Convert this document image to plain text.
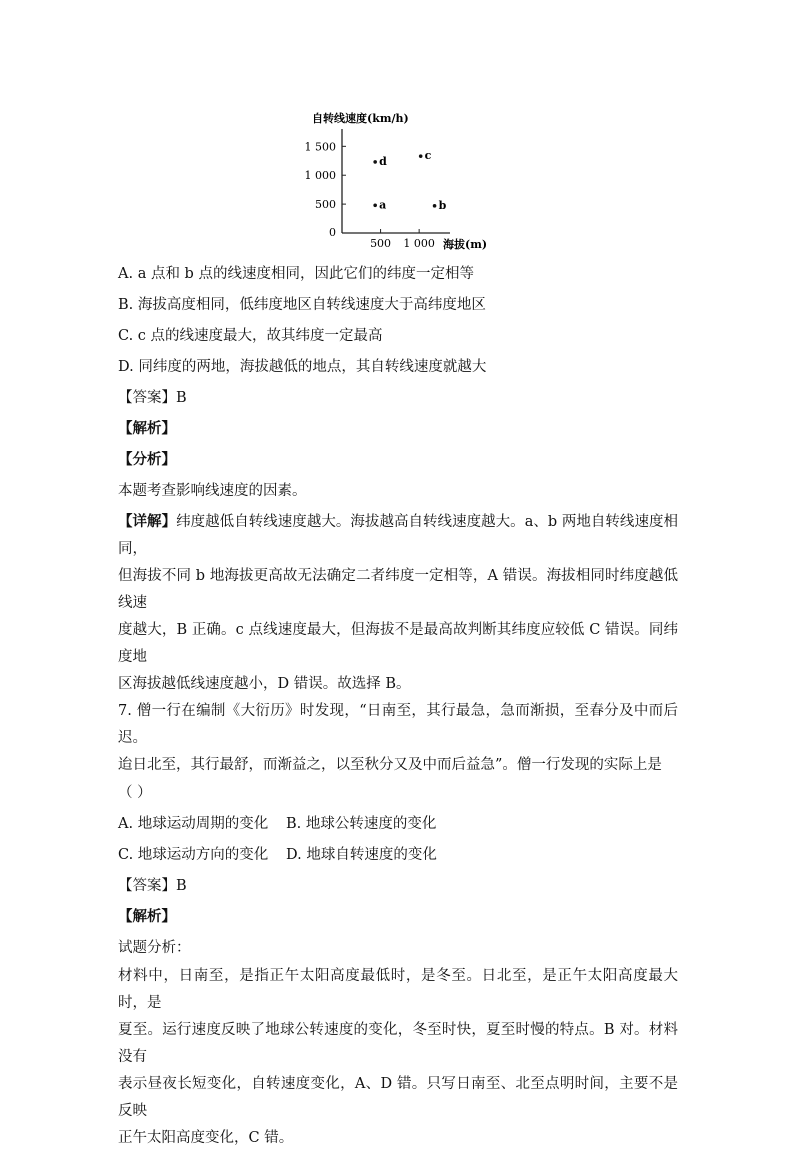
自转线速度(km/h)
海拔(m)
0
500
1 000
1 500
500 1 000
a	b
c
d

A. a 点和 b 点的线速度相同，因此它们的纬度一定相等

B. 海拔高度相同，低纬度地区自转线速度大于高纬度地区

C. c 点的线速度最大，故其纬度一定最高

D. 同纬度的两地，海拔越低的地点，其自转线速度就越大

【答案】B

【解析】

【分析】

本题考查影响线速度的因素。

【详解】纬度越低自转线速度越大。海拔越高自转线速度越大。a、b 两地自转线速度相同，

但海拔不同 b 地海拔更高故无法确定二者纬度一定相等，A 错误。海拔相同时纬度越低线速

度越大，B 正确。c 点线速度最大，但海拔不是最高故判断其纬度应较低 C 错误。同纬度地

区海拔越低线速度越小，D 错误。故选择 B。

7. 僧一行在编制《大衍历》时发现，“日南至，其行最急，急而渐损，至春分及中而后迟。

迨日北至，其行最舒，而渐益之，以至秋分又及中而后益急”。僧一行发现的实际上是

（ ）

A. 地球运动周期的变化	B. 地球公转速度的变化
C. 地球运动方向的变化	D. 地球自转速度的变化

【答案】B

【解析】

试题分析：

材料中，日南至，是指正午太阳高度最低时，是冬至。日北至，是正午太阳高度最大时，是

夏至。运行速度反映了地球公转速度的变化，冬至时快，夏至时慢的特点。B 对。材料没有

表示昼夜长短变化，自转速度变化，A、D 错。只写日南至、北至点明时间，主要不是反映

正午太阳高度变化，C 错。
